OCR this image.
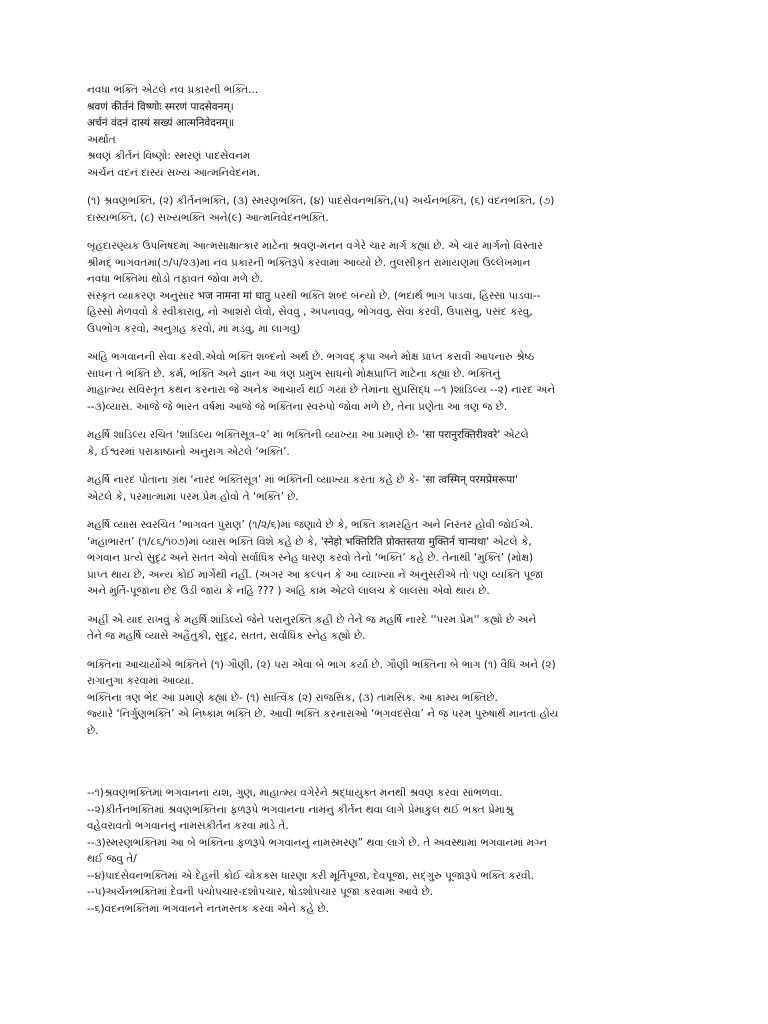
નવધા ભક્તિ એટલે નવ પ્રકારની ભક્તિ...
श्रवणं कीर्तनं विष्णोः स्मरणं पादसेवनम्।
अर्चनं वंदनं दास्यं सख्यं आत्मनिवेदनम्॥
અર્થાત
શ્રવણં કીર્તનં વિષ્ણો: સ્મરણં પાદસેવનમ
અર્ચનં વંદનં દાસ્યં સખ્યં આત્મનિવેદનમ.

(૧) શ્રવણભક્તિ, (૨) કીર્તનભક્તિ, (૩) સ્મરણભક્તિ, (૪) પાદસેવનભક્તિ,(૫) અર્ચનભક્તિ, (૬) વંદનભક્તિ, (૭)
દાસ્યભક્તિ, (૮) સખ્યભક્તિ અને(૯) આત્મનિવેદનભક્તિ.

બૃહદારણ્યક ઉપનિષદમાં આત્મસાક્ષાત્કાર માટેના શ્રવણ-મનન વગેરે ચાર માર્ગ કહ્યાં છે. એ ચાર માર્ગનો વિસ્તાર
શ્રીમદ્ ભાગવતમાં(૭/૫/૨૩)માં નવ પ્રકારની ભક્તિરૂપે કરવામાં આવ્યો છે. તુલસીકૃત રામાયણમાં ઉલ્લેખમાન
નવધા ભક્તિમાં થોડો તફાવત જોવા મળે છે.
સંસ્કૃત વ્યાકરણ અનુસાર भज नामना मां धातु પરથી ભક્તિ શબ્દ બન્યો છે. (ભદાર્થ ભાગ પાડવા, હિસ્સા પાડવા--
હિસ્સો મેળવવો કે સ્વીકારાવુ, નો આશરો લેવો, સેવવું , અપનાવવુ, ભોગવવુ, સેવા કરવી, ઉપાસવુ, પસંદ કરવુ,
ઉપભોગ કરવો, અનુગ્રહ કરવો, માં મંડવુ, માં લાગવુ)

અહિ ભગવાનની સેવા કરવી.એવો ભક્તિ શબ્દનો અર્થ છે. ભગવદ્ કૃપા અને મોક્ષ પ્રાપ્ત કરાવી આપનારુ શ્રેષ્ઠ
સાધન તે ભક્તિ છે. કર્મ, ભક્તિ અને જ્ઞાન આ ત્રણ પ્રમુખ સાધનો મોક્ષપ્રાપ્તિ માટેના કહ્યાં છે. ભક્તિનું
માહાત્મ્ય સવિસ્તૃત કથન કરનારા જે અનેક આચાર્ય થઈ ગયાં છે તેમાંના સુપ્રસિદ્ધ --૧ )શાંડિલ્ય --૨) નારદ અને
--૩)વ્યાસ. આજે જે ભારત વર્ષમાં આજે જે ભક્તિના સ્વરુપો જોવા મળે છે, તેના પ્રણેતા આ ત્રણ જ છે.

મહર્ષિ શાંડિલ્ય રચિત ‘શાંડિલ્ય ભક્તિસૂત્ર–૨’ માં ભક્તિની વ્યાખ્યા આ પ્રમાણે છે- 'सा परानुरक्तिरीश्वरे' એટલે
કે, ઈશ્વરમાં પરાકાષ્ઠાનો અનુરાગ એટલે ‘ભક્તિ’.

મહર્ષિ નારદ પોતાના ગ્રંથ ‘નારદ ભક્તિસૂત્ર’ માં ભક્તિની વ્યાખ્યા કરતાં કહે છે કે- 'सा त्वस्मिन् परमप्रेमरूपा'
એટલે કે, પરમાત્મામાં પરમ પ્રેમ હોવો તે ‘ભક્તિ’ છે.

મહર્ષિ વ્યાસ સ્વરચિત ‘ભાગવત પુરાણ’ (૧/૨/૬)માં જણાવે છે કે, ભક્તિ કામરહિત અને નિરંતર હોવી જોઈએ.
‘મહાભારત’ (૧/૮૬/૧૦૭)માં વ્યાસ ભક્તિ વિશે કહે છે કે, 'स्नेहो भक्तिरिति प्रोक्तस्तया मुक्तिर्न चान्यथा' એટલે કે,
ભગવાન પ્રત્યે સુદૃઢ અને સતત એવો સર્વાધિક સ્નેહ ધારણ કરવો તેનો ‘ભક્તિ’ કહે છે. તેનાથી ‘મુક્તિ’ (મોક્ષ)
પ્રાપ્ત થાય છે, અન્ય કોઈ માર્ગેથી નહીં. (અગર આ કલ્પન કે આ વ્યાખ્યા ને અનુસરીએ તો પણ વ્યક્તિ પૂજા
અને મુર્તિ-પૂજાના છેદ ઉડી જાય કે નહિ ??? ) અહિ કામ એટલે લાલચ કે લાલસા એવો થાય છે.

અહીં એ યાદ રાખવું કે મહર્ષિ શાંડિલ્યે જેને પરાનુરક્તિ કહી છે તેને જ મહર્ષિ નારદે ''પરમ પ્રેમ'' કહ્યો છે અને
તેને જ મહર્ષિ વ્યાસે અહૈતુકી, સુદૃઢ, સતત, સર્વાધિક સ્નેહ કહ્યો છે.

ભક્તિના આચાર્યોએ ભક્તિને (૧) ગૌણી, (૨) પરા એવા બે ભાગ કર્યા છે. ગૌણી ભક્તિના બે ભાગ (૧) વૈધિ અને (૨)
રાગાનુગા કરવામાં આવ્યાં.
ભક્તિના ત્રણ ભેદ આ પ્રમાણે કહ્યાં છે- (૧) સાત્વિક (૨) રાજસિક, (૩) તામસિક. આ કામ્ય ભક્તિછે.
જ્યારે ‘નિર્ગુણભક્તિ’ એ નિષ્કામ ભક્તિ છે. આવી ભક્તિ કરનારાઓ ‘ભગવદસેવા’ ને જ પરમ પુરુષાર્થ માનતા હોય
છે.

--૧)શ્રવણભક્તિમાં ભગવાનનાં યશ, ગુણ, માહાત્મ્ય વગેરેને શ્રદ્ધાયુક્ત મનથી શ્રવણ કરવાં સાંભળવા.
--૨)કીર્તનભક્તિમાં શ્રવણભક્તિના ફળરૂપે ભગવાનના નામનું કીર્તન થવા લાગે પ્રેમાકુલ થઈ ભક્ત પ્રેમાશ્રુ
વહેવરાવતો ભગવાનનું નામસંકીર્તન કરવા માંડે તે.
--૩)સ્મરણભક્તિમાં આ બે ભક્તિના ફળરૂપે ભગવાનનું નામસ્મરણ” થવા લાગે છે. તે અવસ્થામાં ભગવાનમાં મગ્ન
થઈ જવુ તે/
--૪)પાદસેવનભક્તિમાં એ દેહની કોઈ ચોકક્સ ધારણા કરી મૂર્તિપૂજા, દેવપૂજા, સદ્ગુરુ પૂજારૂપે ભક્તિ કરવી.
--૫)અર્ચનભક્તિમાં દેવની પંચોપચાર-દશોપચાર, ષોડશોપચાર પૂજા કરવામાં આવે છે.
--૬)વંદનભક્તિમાં ભગવાનને નતમસ્તક કરવાં એને કહે છે.
